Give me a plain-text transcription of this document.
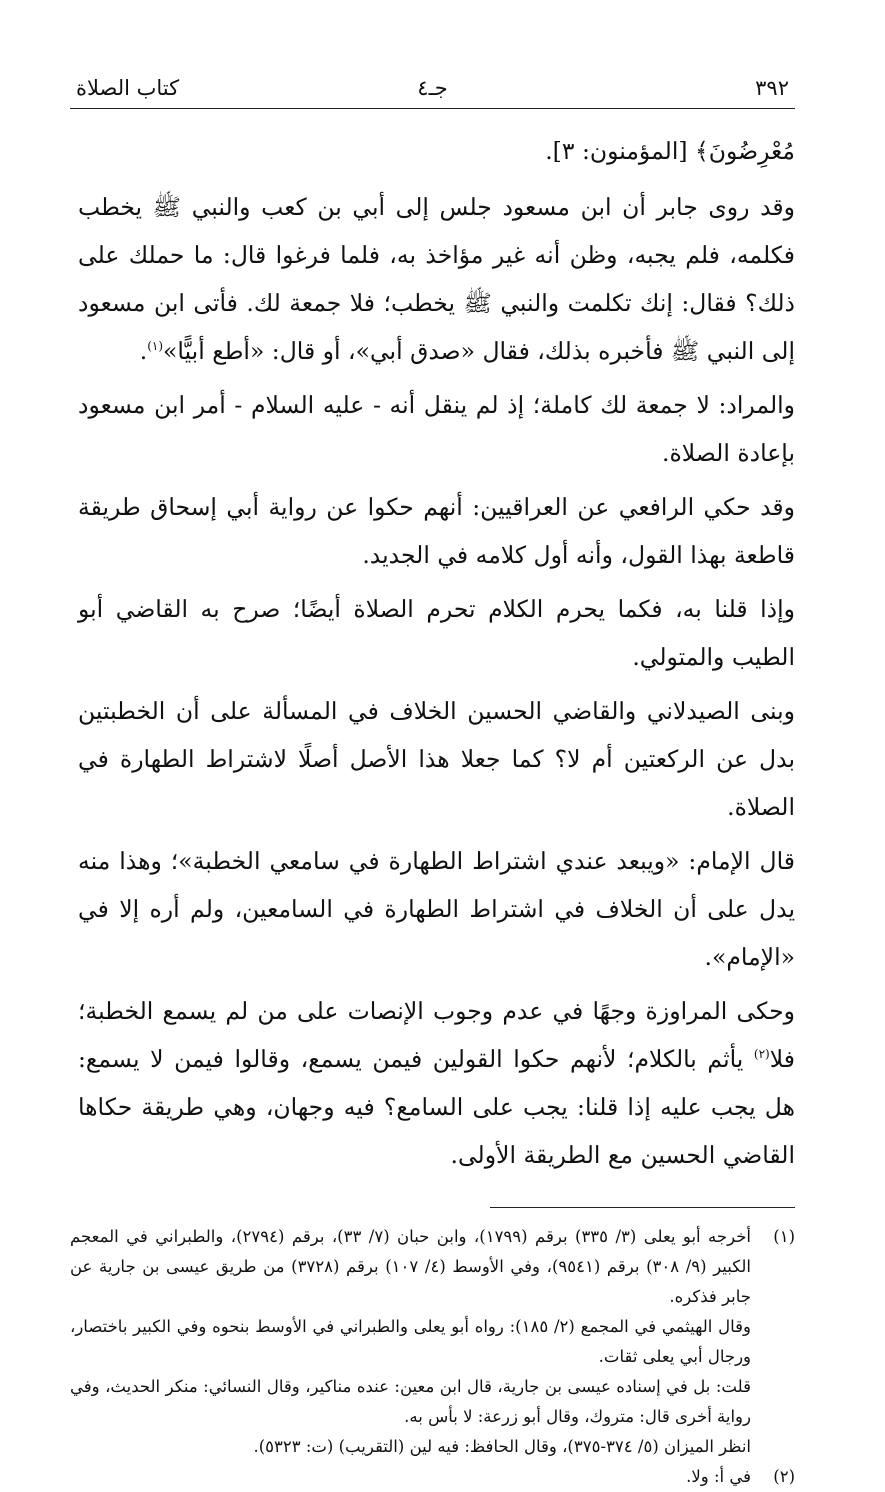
٣٩٢
جـ٤
كتاب الصلاة

مُعْرِضُونَ﴾ [المؤمنون: ٣].

وقد روى جابر أن ابن مسعود جلس إلى أبي بن كعب والنبي ﷺ يخطب فكلمه، فلم يجبه، وظن أنه غير مؤاخذ به، فلما فرغوا قال: ما حملك على ذلك؟ فقال: إنك تكلمت والنبي ﷺ يخطب؛ فلا جمعة لك. فأتى ابن مسعود إلى النبي ﷺ فأخبره بذلك، فقال «صدق أبي»، أو قال: «أطع أبيًّا»$^{(١)}$.

والمراد: لا جمعة لك كاملة؛ إذ لم ينقل أنه - عليه السلام - أمر ابن مسعود بإعادة الصلاة.

وقد حكي الرافعي عن العراقيين: أنهم حكوا عن رواية أبي إسحاق طريقة قاطعة بهذا القول، وأنه أول كلامه في الجديد.

وإذا قلنا به، فكما يحرم الكلام تحرم الصلاة أيضًا؛ صرح به القاضي أبو الطيب والمتولي.

وبنى الصيدلاني والقاضي الحسين الخلاف في المسألة على أن الخطبتين بدل عن الركعتين أم لا؟ كما جعلا هذا الأصل أصلًا لاشتراط الطهارة في الصلاة.

قال الإمام: «ويبعد عندي اشتراط الطهارة في سامعي الخطبة»؛ وهذا منه يدل على أن الخلاف في اشتراط الطهارة في السامعين، ولم أره إلا في «الإمام».

وحكى المراوزة وجهًا في عدم وجوب الإنصات على من لم يسمع الخطبة؛ فلا$^{(٢)}$ يأثم بالكلام؛ لأنهم حكوا القولين فيمن يسمع، وقالوا فيمن لا يسمع: هل يجب عليه إذا قلنا: يجب على السامع؟ فيه وجهان، وهي طريقة حكاها القاضي الحسين مع الطريقة الأولى.

(١)
أخرجه أبو يعلى (٣/ ٣٣٥) برقم (١٧٩٩)، وابن حبان (٧/ ٣٣)، برقم (٢٧٩٤)، والطبراني في المعجم الكبير (٩/ ٣٠٨) برقم (٩٥٤١)، وفي الأوسط (٤/ ١٠٧) برقم (٣٧٢٨) من طريق عيسى بن جارية عن جابر فذكره.
وقال الهيثمي في المجمع (٢/ ١٨٥): رواه أبو يعلى والطبراني في الأوسط بنحوه وفي الكبير باختصار، ورجال أبي يعلى ثقات.
قلت: بل في إسناده عيسى بن جارية، قال ابن معين: عنده مناكير، وقال النسائي: منكر الحديث، وفي رواية أخرى قال: متروك، وقال أبو زرعة: لا بأس به.
انظر الميزان (٥/ ٣٧٤-٣٧٥)، وقال الحافظ: فيه لين (التقريب) (ت: ٥٣٢٣).
(٢)
في أ: ولا.
